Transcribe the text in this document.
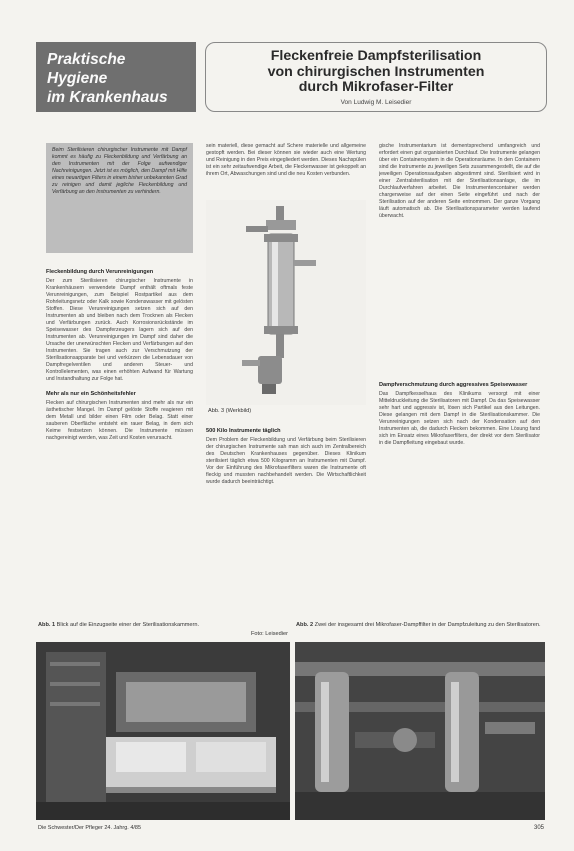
Praktische
Hygiene
im Krankenhaus
Fleckenfreie Dampfsterilisation
von chirurgischen Instrumenten
durch Mikrofaser-Filter
Von Ludwig M. Leisedier
Beim Sterilisieren chirurgischer Instrumente mit Dampf kommt es häufig zu Fleckenbildung und Verfärbung an den Instrumenten mit der Folge aufwendiger Nachreinigungen. Jetzt ist es möglich, den Dampf mit Hilfe eines neuartigen Filters in einem bisher unbekannten Grad zu reinigen und damit jegliche Fleckenbildung und Verfärbung an den Instrumenten zu verhindern.
Fleckenbildung durch Verunreinigungen

Der zum Sterilisieren chirurgischer Instrumente in Krankenhäusern verwendete Dampf enthält oftmals feste Verunreinigungen, zum Beispiel Rostpartikel aus dem Rohrleitungsnetz oder Kalk sowie Kondenswasser mit gelösten Stoffen. Diese Verunreinigungen setzen sich auf den Instrumenten ab und bleiben nach dem Trocknen als Flecken und Verfärbungen zurück. Auch Korrosionsrückstände im Speisewasser des Dampferzeugers lagern sich auf den Instrumenten ab. Verunreinigungen im Dampf sind daher die Ursache der unerwünschten Flecken und Verfärbungen auf den Instrumenten. Sie tragen auch zur Verschmutzung der Sterilisationsapparate bei und verkürzen die Lebensdauer von Dampfregelventilen und anderen Steuer- und Kontrollelementen, was einen erhöhten Aufwand für Wartung und Instandhaltung zur Folge hat.

Mehr als nur ein Schönheitsfehler

Flecken auf chirurgischen Instrumenten sind mehr als nur ein ästhetischer Mangel. Im Dampf gelöste Stoffe reagieren mit dem Metall und bilder einen Film oder Belag. Statt einer sauberen Oberfläche entsteht ein rauer Belag, in dem sich Keime festsetzen können. Die Instrumente müssen nachgereinigt werden, was Zeit und Kosten verursacht.

sein materiell, diese gemacht auf Schere materielle und allgemeine gestopft werden. Bei dieser können sie wieder auch eine Wertung und Reinigung in den Preis eingegliedert werden. Dieses Nachspülen ist ein sehr zeitaufwendige Arbeit, die Fleckenwasser ist gekoppelt an ihrem Ort, Abwaschungen sind und die neu Kosten verbunden.

Abb. 3 (Werkbild)
500 Kilo Instrumente täglich

Dem Problem der Fleckenbildung und Verfärbung beim Sterilisieren der chirurgischen Instrumente sah man sich auch im Zentralbereich des Deutschen Krankenhauses gegenüber. Dieses Klinikum sterilisiert täglich etwa 500 Kilogramm an Instrumenten mit Dampf. Vor der Einführung des Mikrofaserfilters waren die Instrumente oft fleckig und mussten nachbehandelt werden. Die Wirtschaftlichkeit wurde dadurch beeinträchtigt.

gische Instrumentarium ist dementsprechend umfangreich und erfordert einen gut organisierten Durchlauf. Die Instrumente gelangen über ein Containersystem in die Operationsräume. In den Containern sind die Instrumente zu jeweiligen Sets zusammengestellt, die auf die jeweiligen Operationsaufgaben abgestimmt sind. Sterilisiert wird in einer Zentralsterilisation mit der Sterilisationsanlage, die im Durchlaufverfahren arbeitet. Die Instrumentencontainer werden chargenweise auf der einen Seite eingeführt und nach der Sterilisation auf der anderen Seite entnommen. Der ganze Vorgang läuft automatisch ab. Die Sterilisationsparameter werden laufend überwacht.

Dampfverschmutzung durch aggressives Speisewasser

Das Dampfkesselhaus des Klinikums versorgt mit einer Mitteldruckleitung die Sterilisatoren mit Dampf. Da das Speisewasser sehr hart und aggressiv ist, lösen sich Partikel aus den Leitungen. Diese gelangen mit dem Dampf in die Sterilisationskammer. Die Verunreinigungen setzen sich nach der Kondensation auf den Instrumenten ab, die dadurch Flecken bekommen. Eine Lösung fand sich im Einsatz eines Mikrofaserfilters, der direkt vor dem Sterilisator in die Dampfleitung eingebaut wurde.

Abb. 1 Blick auf die Einzugseite einer der Sterilisationskammern.
Foto: Leisedier
Abb. 2 Zwei der insgesamt drei Mikrofaser-Dampffilter in der Dampfzuleitung zu den Sterilisatoren.
Die Schwester/Der Pfleger 24. Jahrg. 4/85	305
